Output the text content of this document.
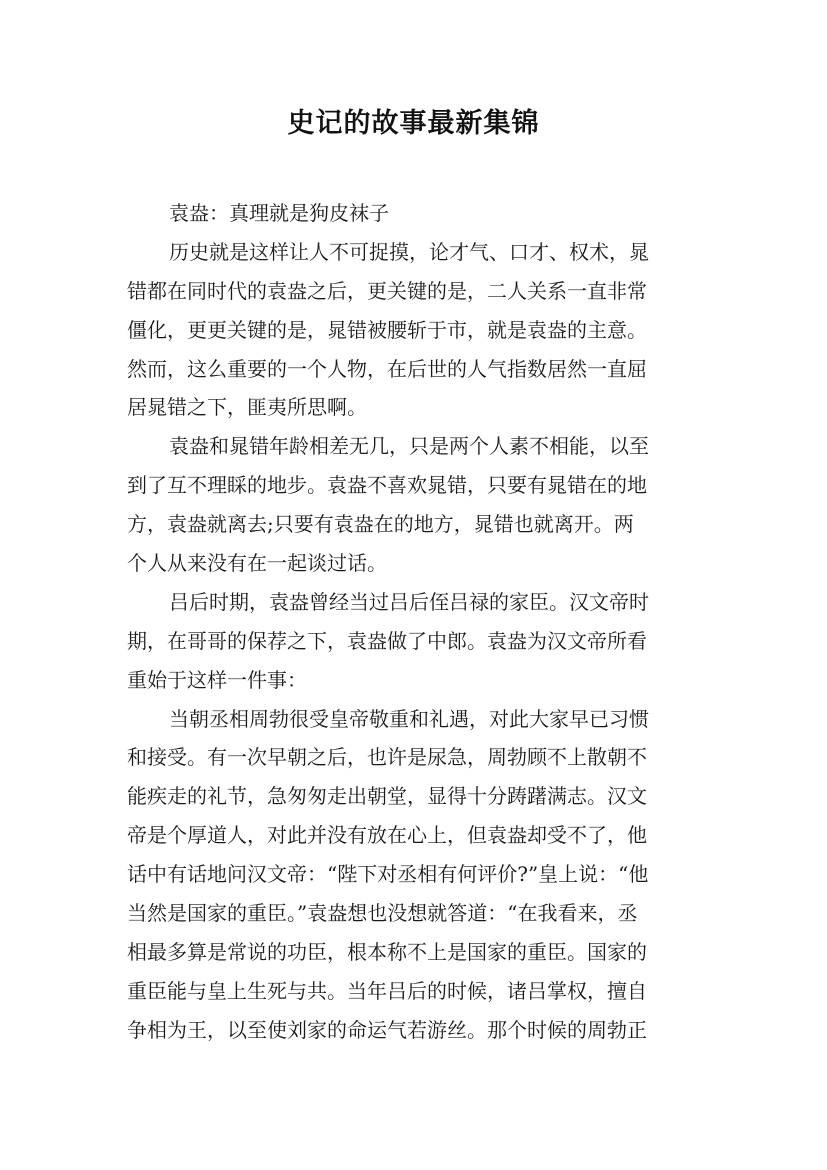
史记的故事最新集锦
袁盎：真理就是狗皮袜子
历史就是这样让人不可捉摸，论才气、口才、权术，晁
错都在同时代的袁盎之后，更关键的是，二人关系一直非常
僵化，更更关键的是，晁错被腰斩于市，就是袁盎的主意。
然而，这么重要的一个人物，在后世的人气指数居然一直屈
居晁错之下，匪夷所思啊。
袁盎和晁错年龄相差无几，只是两个人素不相能，以至
到了互不理睬的地步。袁盎不喜欢晁错，只要有晁错在的地
方，袁盎就离去;只要有袁盎在的地方，晁错也就离开。两
个人从来没有在一起谈过话。
吕后时期，袁盎曾经当过吕后侄吕禄的家臣。汉文帝时
期，在哥哥的保荐之下，袁盎做了中郎。袁盎为汉文帝所看
重始于这样一件事：
当朝丞相周勃很受皇帝敬重和礼遇，对此大家早已习惯
和接受。有一次早朝之后，也许是尿急，周勃顾不上散朝不
能疾走的礼节，急匆匆走出朝堂，显得十分踌躇满志。汉文
帝是个厚道人，对此并没有放在心上，但袁盎却受不了，他
话中有话地问汉文帝：“陛下对丞相有何评价?”皇上说：“他
当然是国家的重臣。”袁盎想也没想就答道：“在我看来，丞
相最多算是常说的功臣，根本称不上是国家的重臣。国家的
重臣能与皇上生死与共。当年吕后的时候，诸吕掌权，擅自
争相为王，以至使刘家的命运气若游丝。那个时候的周勃正
